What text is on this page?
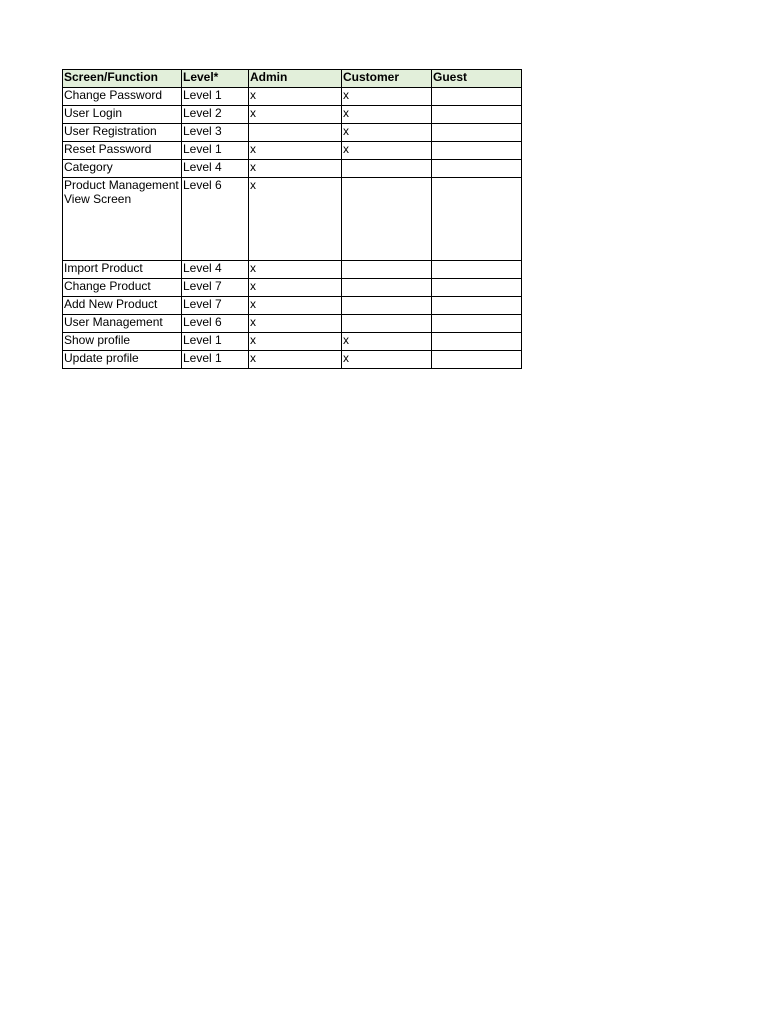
Screen/Function	Level*	Admin	Customer	Guest
Change Password	Level 1	x	x	
User Login	Level 2	x	x	
User Registration	Level 3		x	
Reset Password	Level 1	x	x	
Category	Level 4	x		
Product Management View Screen	Level 6	x		
Import Product	Level 4	x		
Change Product	Level 7	x		
Add New Product	Level 7	x		
User Management	Level 6	x		
Show profile	Level 1	x	x	
Update profile	Level 1	x	x	
